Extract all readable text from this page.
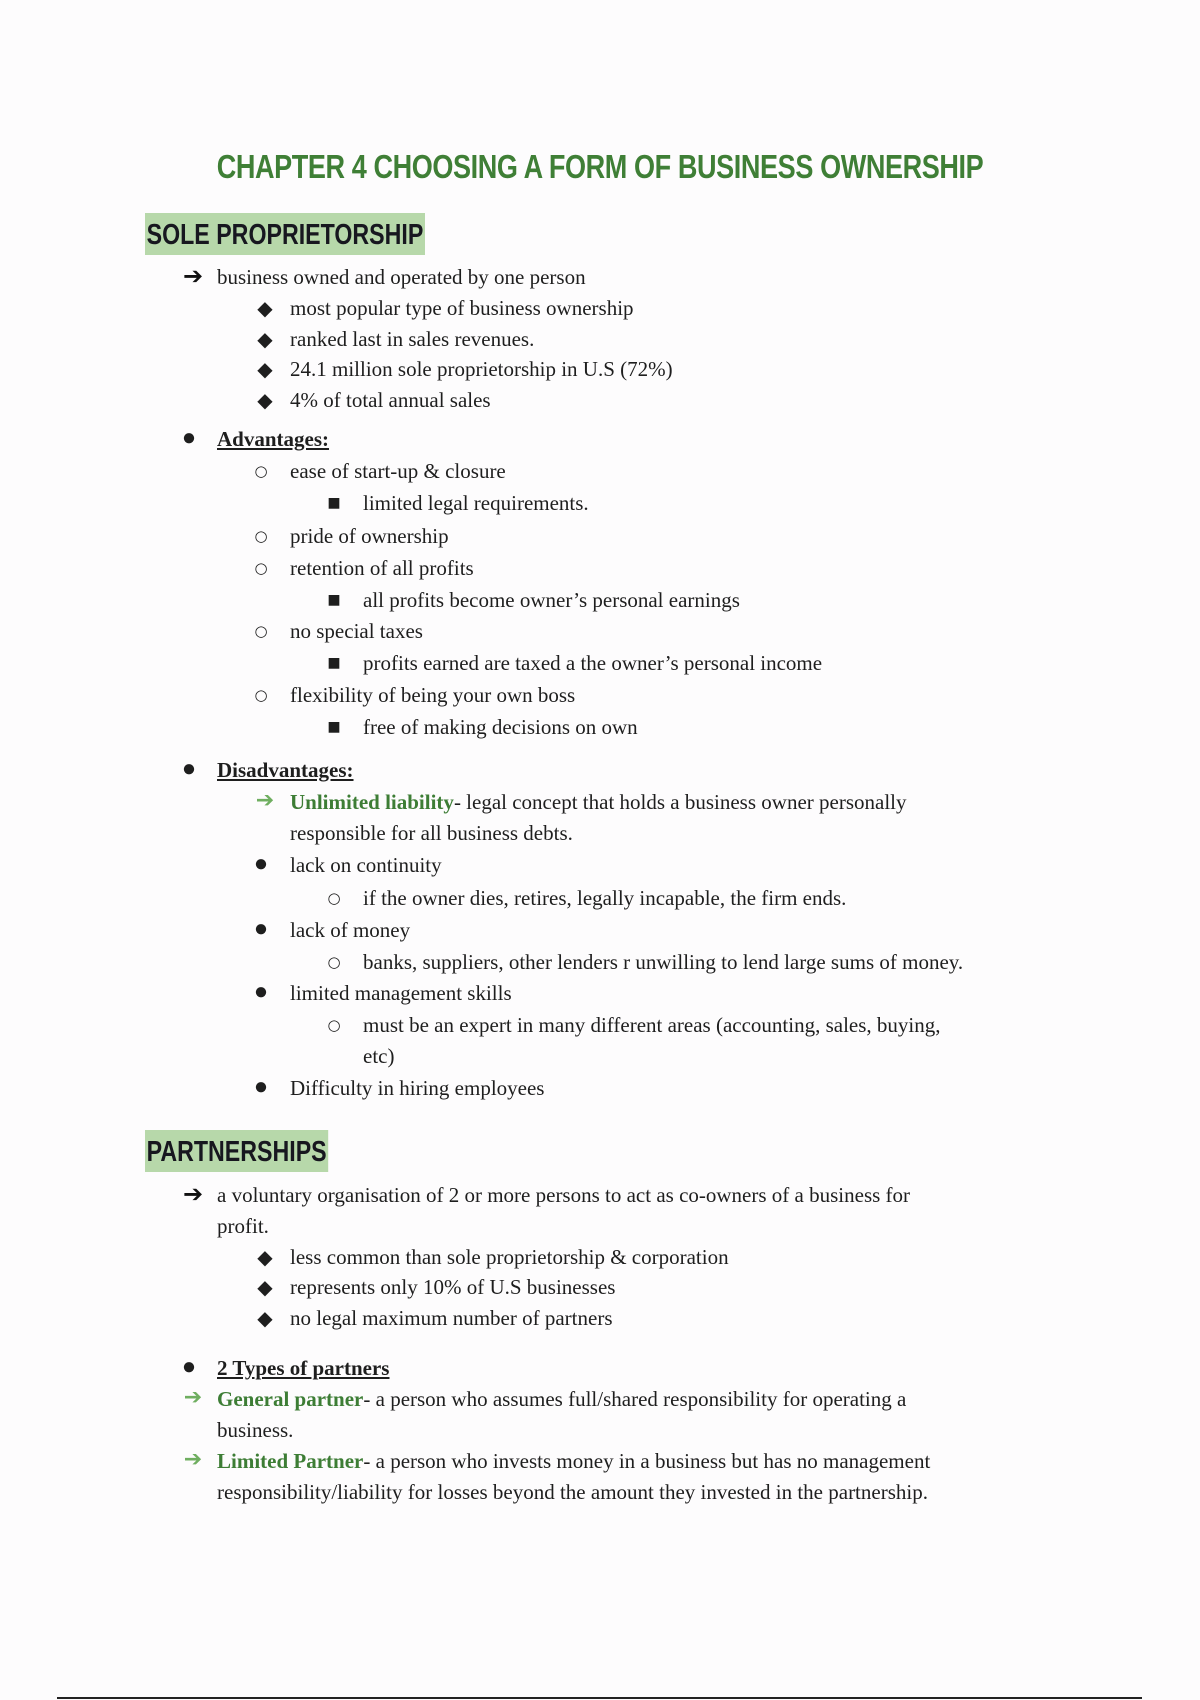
CHAPTER 4 CHOOSING A FORM OF BUSINESS OWNERSHIP
SOLE PROPRIETORSHIP
➔ business owned and operated by one person
◆ most popular type of business ownership
◆ ranked last in sales revenues.
◆ 24.1 million sole proprietorship in U.S (72%)
◆ 4% of total annual sales
● Advantages:
○ ease of start-up & closure
■ limited legal requirements.
○ pride of ownership
○ retention of all profits
■ all profits become owner’s personal earnings
○ no special taxes
■ profits earned are taxed a the owner’s personal income
○ flexibility of being your own boss
■ free of making decisions on own
● Disadvantages:
➔ Unlimited liability- legal concept that holds a business owner personally
responsible for all business debts.
● lack on continuity
○ if the owner dies, retires, legally incapable, the firm ends.
● lack of money
○ banks, suppliers, other lenders r unwilling to lend large sums of money.
● limited management skills
○ must be an expert in many different areas (accounting, sales, buying,
etc)
● Difficulty in hiring employees
PARTNERSHIPS
➔ a voluntary organisation of 2 or more persons to act as co-owners of a business for
profit.
◆ less common than sole proprietorship & corporation
◆ represents only 10% of U.S businesses
◆ no legal maximum number of partners
● 2 Types of partners
➔ General partner- a person who assumes full/shared responsibility for operating a
business.
➔ Limited Partner- a person who invests money in a business but has no management
responsibility/liability for losses beyond the amount they invested in the partnership.
